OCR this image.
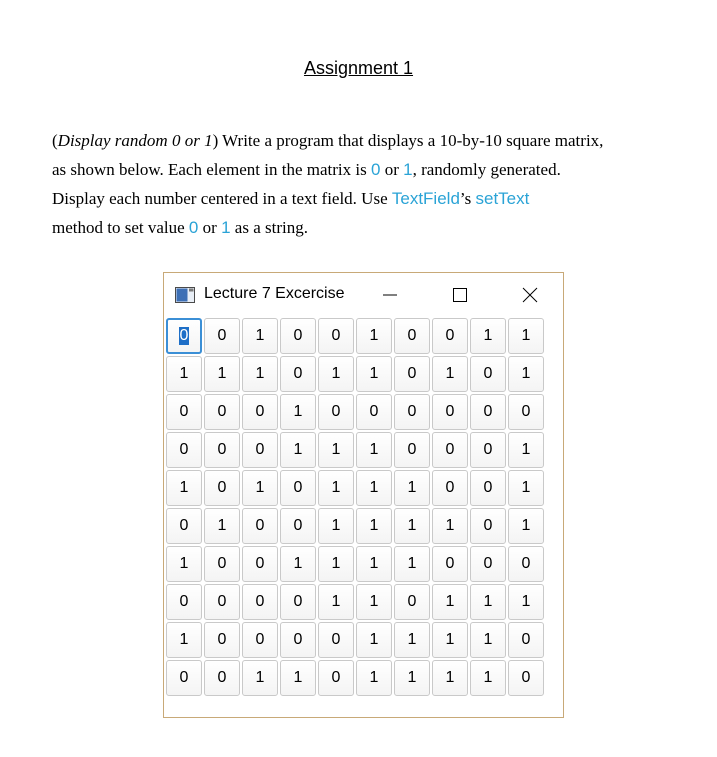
Assignment 1

(Display random 0 or 1) Write a program that displays a 10-by-10 square matrix,

as shown below. Each element in the matrix is 0 or 1, randomly generated.

Display each number centered in a text field. Use TextField’s setText

method to set value 0 or 1 as a string.

Lecture 7 Excercise
0 0 1 0 0 1 0 0 1 1
1 1 1 0 1 1 0 1 0 1
0 0 0 1 0 0 0 0 0 0
0 0 0 1 1 1 0 0 0 1
1 0 1 0 1 1 1 0 0 1
0 1 0 0 1 1 1 1 0 1
1 0 0 1 1 1 1 0 0 0
0 0 0 0 1 1 0 1 1 1
1 0 0 0 0 1 1 1 1 0
0 0 1 1 0 1 1 1 1 0
